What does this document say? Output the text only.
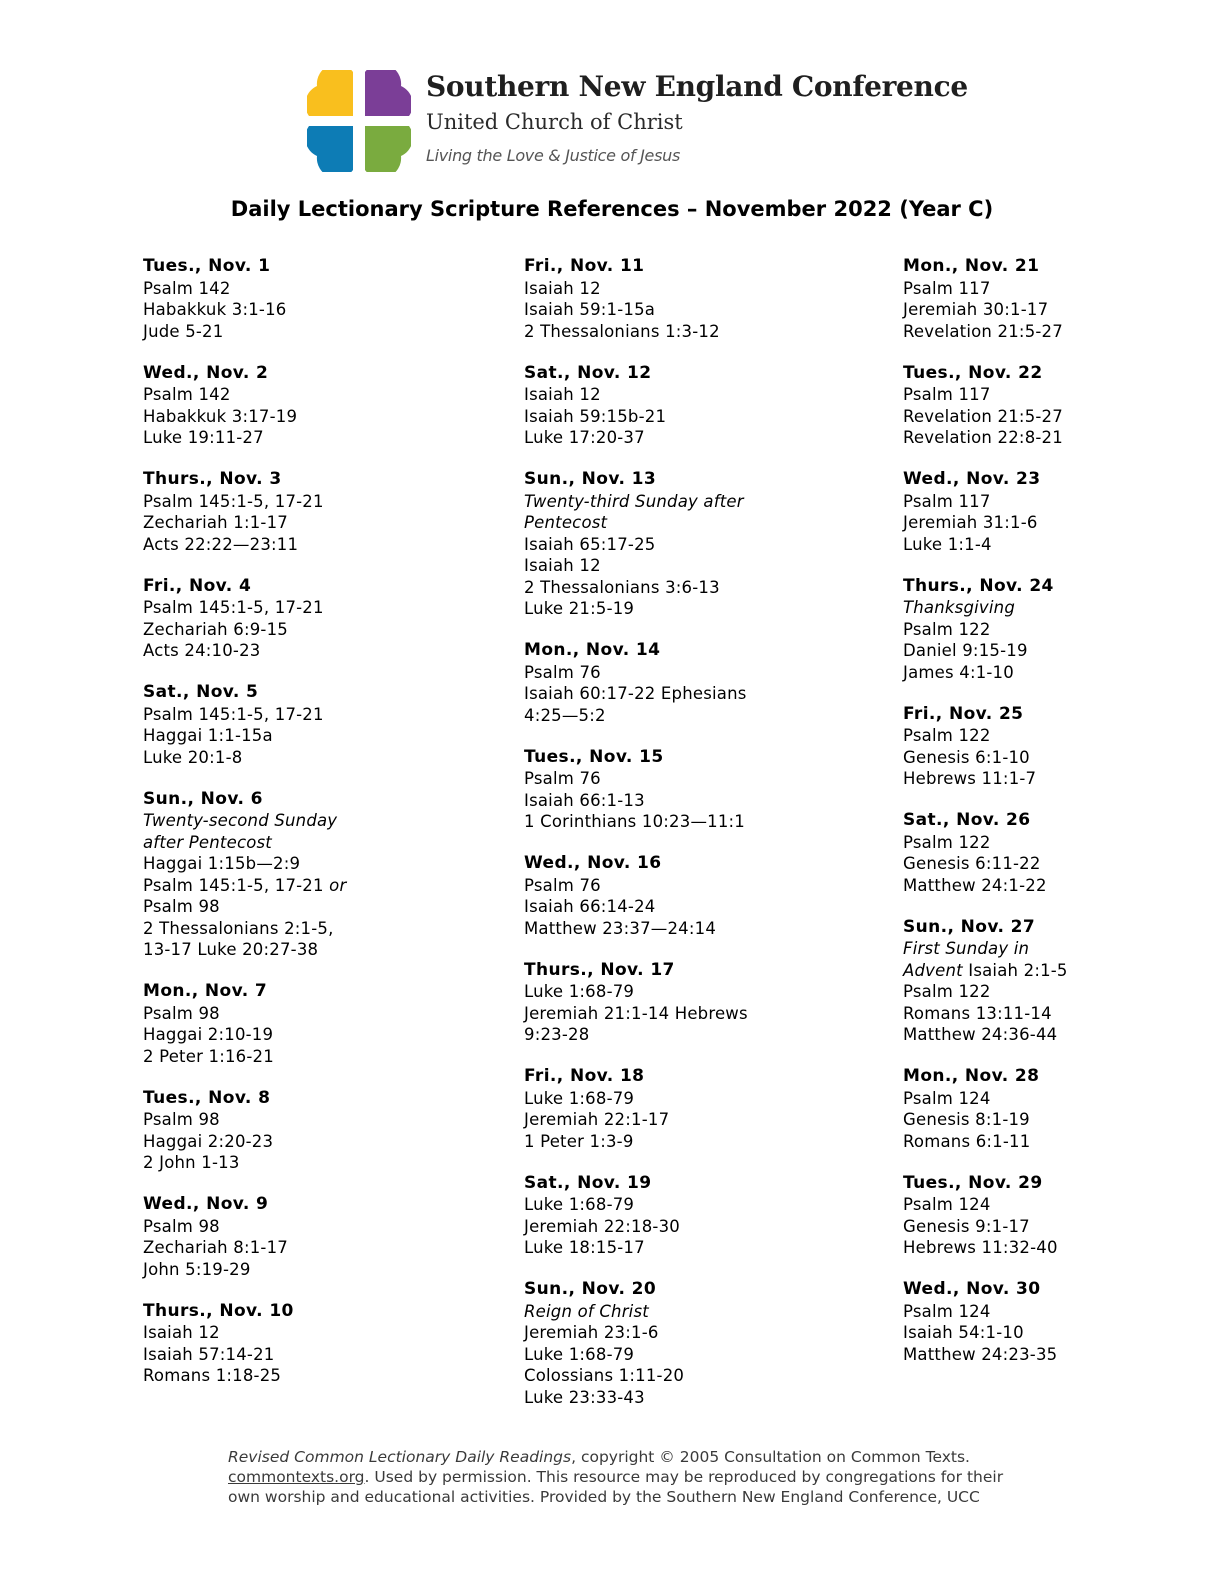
Southern New England Conference
United Church of Christ
Living the Love & Justice of Jesus
Daily Lectionary Scripture References – November 2022 (Year C)
Tues., Nov. 1
Psalm 142
Habakkuk 3:1-16
Jude 5-21
Wed., Nov. 2
Psalm 142
Habakkuk 3:17-19
Luke 19:11-27
Thurs., Nov. 3
Psalm 145:1-5, 17-21
Zechariah 1:1-17
Acts 22:22—23:11
Fri., Nov. 4
Psalm 145:1-5, 17-21
Zechariah 6:9-15
Acts 24:10-23
Sat., Nov. 5
Psalm 145:1-5, 17-21
Haggai 1:1-15a
Luke 20:1-8
Sun., Nov. 6
Twenty-second Sunday
after Pentecost
Haggai 1:15b—2:9
Psalm 145:1-5, 17-21 or
Psalm 98
2 Thessalonians 2:1-5,
13-17 Luke 20:27-38
Mon., Nov. 7
Psalm 98
Haggai 2:10-19
2 Peter 1:16-21
Tues., Nov. 8
Psalm 98
Haggai 2:20-23
2 John 1-13
Wed., Nov. 9
Psalm 98
Zechariah 8:1-17
John 5:19-29
Thurs., Nov. 10
Isaiah 12
Isaiah 57:14-21
Romans 1:18-25
Fri., Nov. 11
Isaiah 12
Isaiah 59:1-15a
2 Thessalonians 1:3-12
Sat., Nov. 12
Isaiah 12
Isaiah 59:15b-21
Luke 17:20-37
Sun., Nov. 13
Twenty-third Sunday after
Pentecost
Isaiah 65:17-25
Isaiah 12
2 Thessalonians 3:6-13
Luke 21:5-19
Mon., Nov. 14
Psalm 76
Isaiah 60:17-22 Ephesians
4:25—5:2
Tues., Nov. 15
Psalm 76
Isaiah 66:1-13
1 Corinthians 10:23—11:1
Wed., Nov. 16
Psalm 76
Isaiah 66:14-24
Matthew 23:37—24:14
Thurs., Nov. 17
Luke 1:68-79
Jeremiah 21:1-14 Hebrews
9:23-28
Fri., Nov. 18
Luke 1:68-79
Jeremiah 22:1-17
1 Peter 1:3-9
Sat., Nov. 19
Luke 1:68-79
Jeremiah 22:18-30
Luke 18:15-17
Sun., Nov. 20
Reign of Christ
Jeremiah 23:1-6
Luke 1:68-79
Colossians 1:11-20
Luke 23:33-43
Mon., Nov. 21
Psalm 117
Jeremiah 30:1-17
Revelation 21:5-27
Tues., Nov. 22
Psalm 117
Revelation 21:5-27
Revelation 22:8-21
Wed., Nov. 23
Psalm 117
Jeremiah 31:1-6
Luke 1:1-4
Thurs., Nov. 24
Thanksgiving
Psalm 122
Daniel 9:15-19
James 4:1-10
Fri., Nov. 25
Psalm 122
Genesis 6:1-10
Hebrews 11:1-7
Sat., Nov. 26
Psalm 122
Genesis 6:11-22
Matthew 24:1-22
Sun., Nov. 27
First Sunday in
Advent Isaiah 2:1-5
Psalm 122
Romans 13:11-14
Matthew 24:36-44
Mon., Nov. 28
Psalm 124
Genesis 8:1-19
Romans 6:1-11
Tues., Nov. 29
Psalm 124
Genesis 9:1-17
Hebrews 11:32-40
Wed., Nov. 30
Psalm 124
Isaiah 54:1-10
Matthew 24:23-35

Revised Common Lectionary Daily Readings, copyright © 2005 Consultation on Common Texts.

commontexts.org. Used by permission. This resource may be reproduced by congregations for their

own worship and educational activities. Provided by the Southern New England Conference, UCC
